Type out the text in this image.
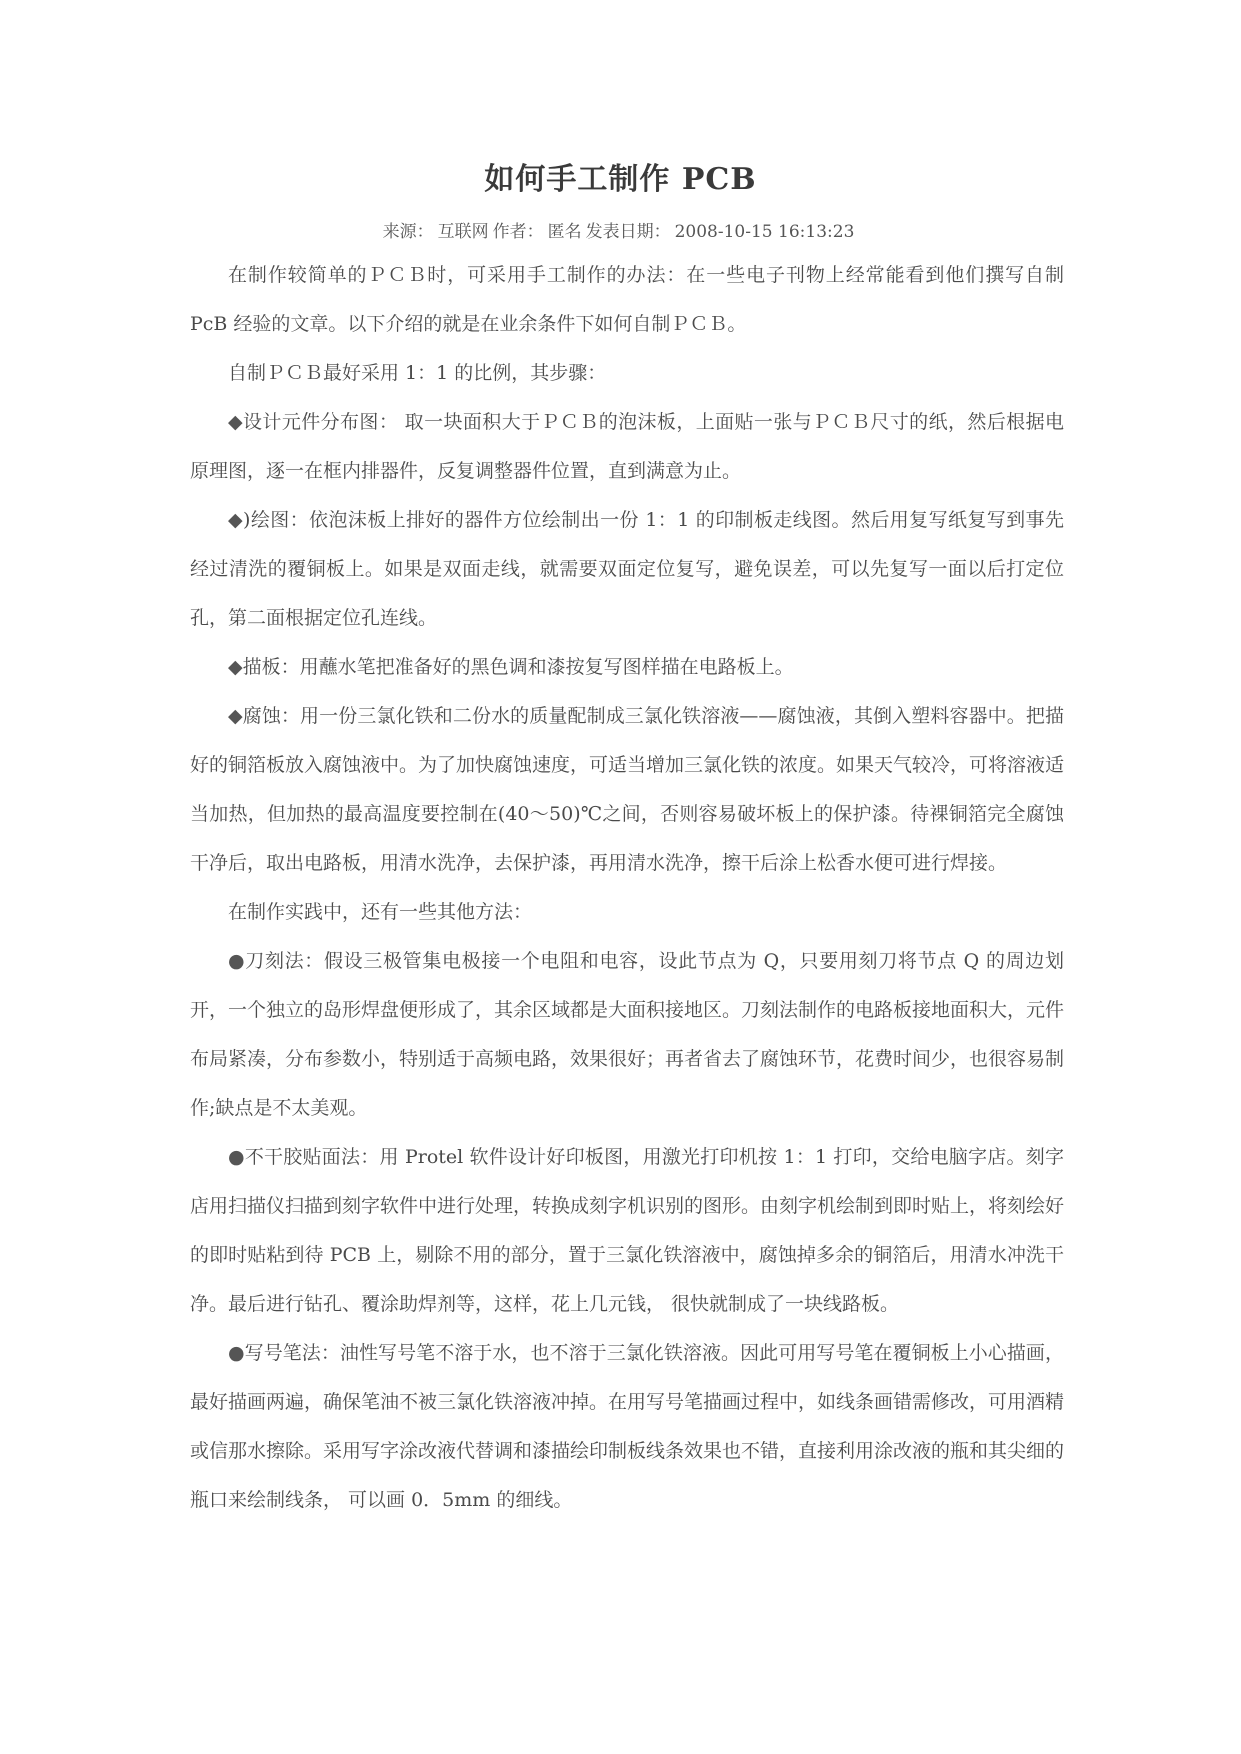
如何手工制作 PCB
来源： 互联网 作者： 匿名 发表日期： 2008-10-15 16:13:23

在制作较简单的ＰＣＢ时，可采用手工制作的办法：在一些电子刊物上经常能看到他们撰写自制 PcB 经验的文章。以下介绍的就是在业余条件下如何自制ＰＣＢ。

自制ＰＣＢ最好采用 1：1 的比例，其步骤：

◆设计元件分布图： 取一块面积大于ＰＣＢ的泡沫板，上面贴一张与ＰＣＢ尺寸的纸，然后根据电原理图，逐一在框内排器件，反复调整器件位置，直到满意为止。

◆)绘图：依泡沫板上排好的器件方位绘制出一份 1：1 的印制板走线图。然后用复写纸复写到事先经过清洗的覆铜板上。如果是双面走线，就需要双面定位复写，避免误差，可以先复写一面以后打定位孔，第二面根据定位孔连线。

◆描板：用蘸水笔把准备好的黑色调和漆按复写图样描在电路板上。

◆腐蚀：用一份三氯化铁和二份水的质量配制成三氯化铁溶液——腐蚀液，其倒入塑料容器中。把描好的铜箔板放入腐蚀液中。为了加快腐蚀速度，可适当增加三氯化铁的浓度。如果天气较冷，可将溶液适当加热，但加热的最高温度要控制在(40～50)℃之间，否则容易破坏板上的保护漆。待裸铜箔完全腐蚀干净后，取出电路板，用清水洗净，去保护漆，再用清水洗净，擦干后涂上松香水便可进行焊接。

在制作实践中，还有一些其他方法：

●刀刻法：假设三极管集电极接一个电阻和电容，设此节点为 Q，只要用刻刀将节点 Q 的周边划开，一个独立的岛形焊盘便形成了，其余区域都是大面积接地区。刀刻法制作的电路板接地面积大，元件布局紧凑，分布参数小，特别适于高频电路，效果很好；再者省去了腐蚀环节，花费时间少，也很容易制作;缺点是不太美观。

●不干胶贴面法：用 Protel 软件设计好印板图，用激光打印机按 1：1 打印，交给电脑字店。刻字店用扫描仪扫描到刻字软件中进行处理，转换成刻字机识别的图形。由刻字机绘制到即时贴上，将刻绘好的即时贴粘到待 PCB 上，剔除不用的部分，置于三氯化铁溶液中，腐蚀掉多余的铜箔后，用清水冲洗干净。最后进行钻孔、覆涂助焊剂等，这样，花上几元钱， 很快就制成了一块线路板。

●写号笔法：油性写号笔不溶于水，也不溶于三氯化铁溶液。因此可用写号笔在覆铜板上小心描画，最好描画两遍，确保笔油不被三氯化铁溶液冲掉。在用写号笔描画过程中，如线条画错需修改，可用酒精或信那水擦除。采用写字涂改液代替调和漆描绘印制板线条效果也不错，直接利用涂改液的瓶和其尖细的瓶口来绘制线条， 可以画 0．5mm 的细线。
